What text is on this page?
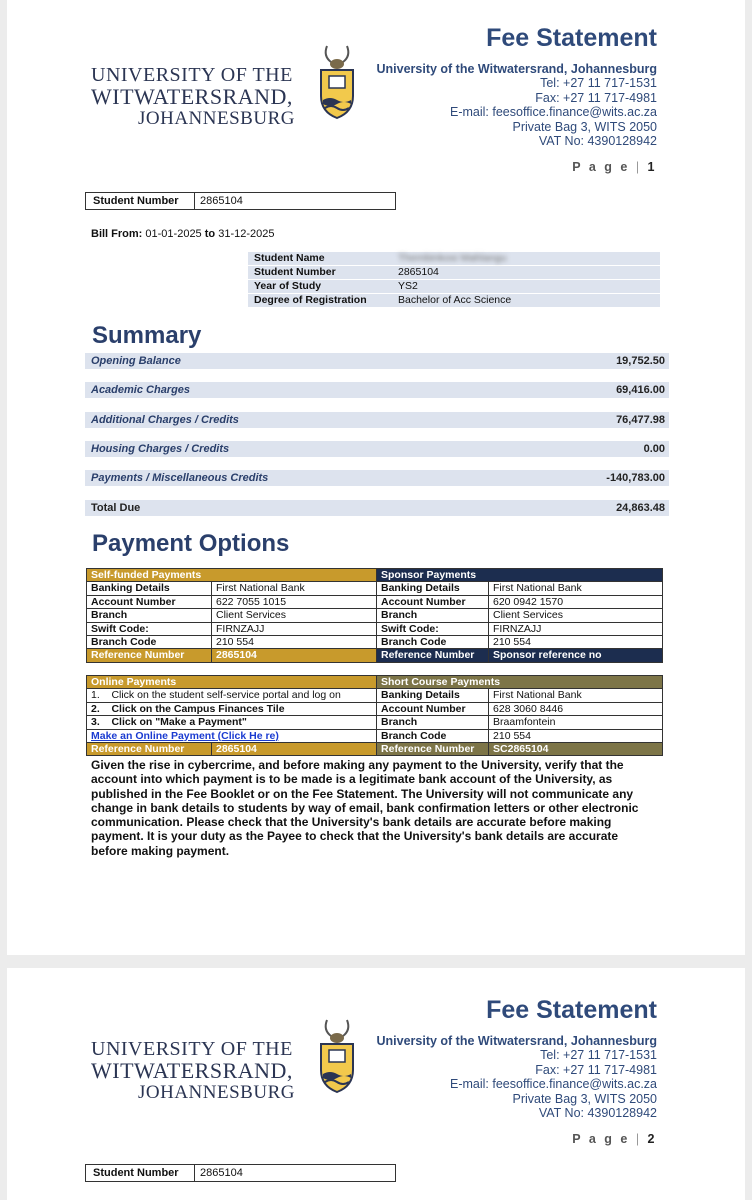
UNIVERSITY OF THE
WITWATERSRAND,
JOHANNESBURG
Fee Statement
University of the Witwatersrand, Johannesburg
Tel: +27 11 717-1531
Fax: +27 11 717-4981
E-mail: feesoffice.finance@wits.ac.za
Private Bag 3, WITS 2050
VAT No: 4390128942
P a g e | 1
Student Number 2865104
Bill From: 01-01-2025 to 31-12-2025
Student Name	Thembinkosi Mahlangu
Student Number	2865104
Year of Study	YS2
Degree of Registration	Bachelor of Acc Science
Summary
Opening Balance	19,752.50
Academic Charges	69,416.00
Additional Charges / Credits	76,477.98
Housing Charges / Credits	0.00
Payments / Miscellaneous Credits	-140,783.00
Total Due	24,863.48
Payment Options
Self-funded Payments		Sponsor Payments	
Banking Details	First National Bank	Banking Details	First National Bank
Account Number	622 7055 1015	Account Number	620 0942 1570
Branch	Client Services	Branch	Client Services
Swift Code:	FIRNZAJJ	Swift Code:	FIRNZAJJ
Branch Code	210 554	Branch Code	210 554
Reference Number	2865104	Reference Number	Sponsor reference no
Online Payments		Short Course Payments	
1. Click on the student self-service portal and log on		Banking Details	First National Bank
2. Click on the Campus Finances Tile		Account Number	628 3060 8446
3. Click on "Make a Payment"		Branch	Braamfontein
Make an Online Payment (Click He re)		Branch Code	210 554
Reference Number	2865104	Reference Number	SC2865104
Given the rise in cybercrime, and before making any payment to the University, verify that the account into which payment is to be made is a legitimate bank account of the University, as published in the Fee Booklet or on the Fee Statement. The University will not communicate any change in bank details to students by way of email, bank confirmation letters or other electronic communication. Please check that the University's bank details are accurate before making payment. It is your duty as the Payee to check that the University's bank details are accurate before making payment.
UNIVERSITY OF THE
WITWATERSRAND,
JOHANNESBURG
Fee Statement
University of the Witwatersrand, Johannesburg
Tel: +27 11 717-1531
Fax: +27 11 717-4981
E-mail: feesoffice.finance@wits.ac.za
Private Bag 3, WITS 2050
VAT No: 4390128942
P a g e | 2
Student Number 2865104
